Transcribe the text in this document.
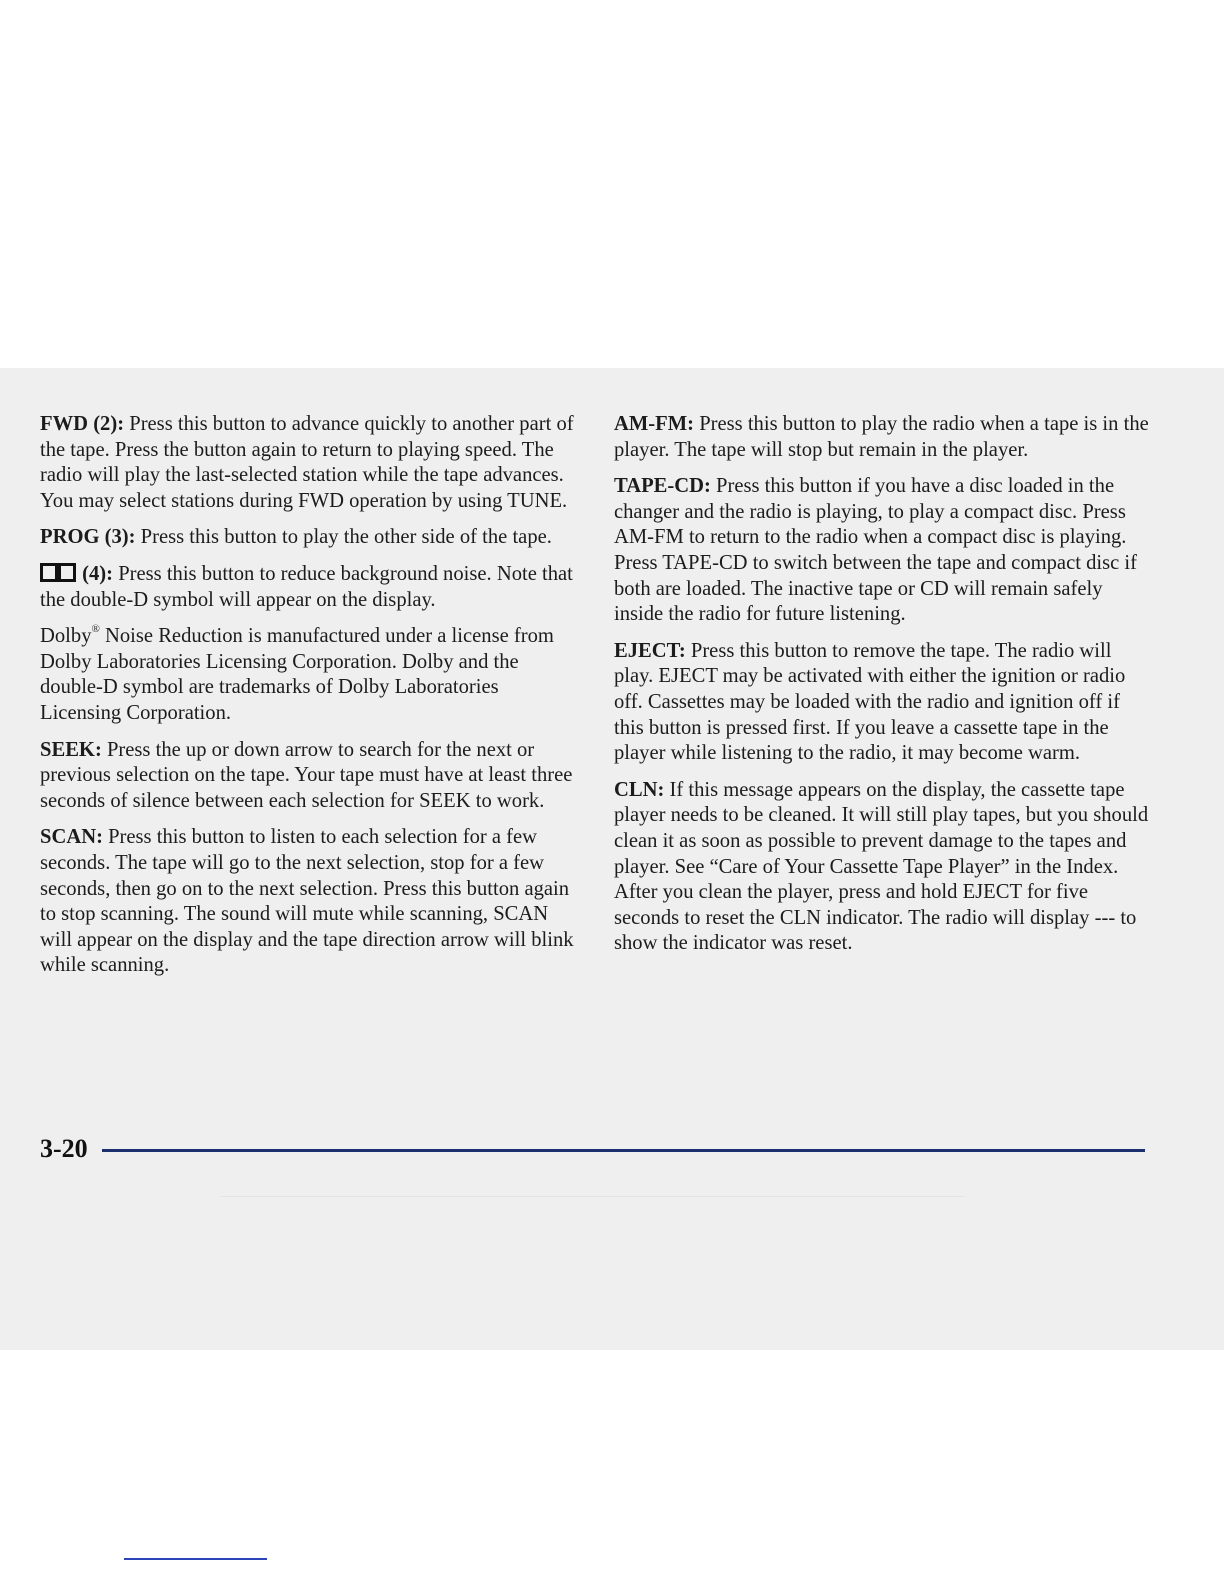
FWD (2): Press this button to advance quickly to another part of the tape. Press the button again to return to playing speed. The radio will play the last-selected station while the tape advances. You may select stations during FWD operation by using TUNE.

PROG (3): Press this button to play the other side of the tape.

(4): Press this button to reduce background noise. Note that the double-D symbol will appear on the display.

Dolby® Noise Reduction is manufactured under a license from Dolby Laboratories Licensing Corporation. Dolby and the double-D symbol are trademarks of Dolby Laboratories Licensing Corporation.

SEEK: Press the up or down arrow to search for the next or previous selection on the tape. Your tape must have at least three seconds of silence between each selection for SEEK to work.

SCAN: Press this button to listen to each selection for a few seconds. The tape will go to the next selection, stop for a few seconds, then go on to the next selection. Press this button again to stop scanning. The sound will mute while scanning, SCAN will appear on the display and the tape direction arrow will blink while scanning.

AM-FM: Press this button to play the radio when a tape is in the player. The tape will stop but remain in the player.

TAPE-CD: Press this button if you have a disc loaded in the changer and the radio is playing, to play a compact disc. Press AM-FM to return to the radio when a compact disc is playing. Press TAPE-CD to switch between the tape and compact disc if both are loaded. The inactive tape or CD will remain safely inside the radio for future listening.

EJECT: Press this button to remove the tape. The radio will play. EJECT may be activated with either the ignition or radio off. Cassettes may be loaded with the radio and ignition off if this button is pressed first. If you leave a cassette tape in the player while listening to the radio, it may become warm.

CLN: If this message appears on the display, the cassette tape player needs to be cleaned. It will still play tapes, but you should clean it as soon as possible to prevent damage to the tapes and player. See “Care of Your Cassette Tape Player” in the Index. After you clean the player, press and hold EJECT for five seconds to reset the CLN indicator. The radio will display --- to show the indicator was reset.

3-20
